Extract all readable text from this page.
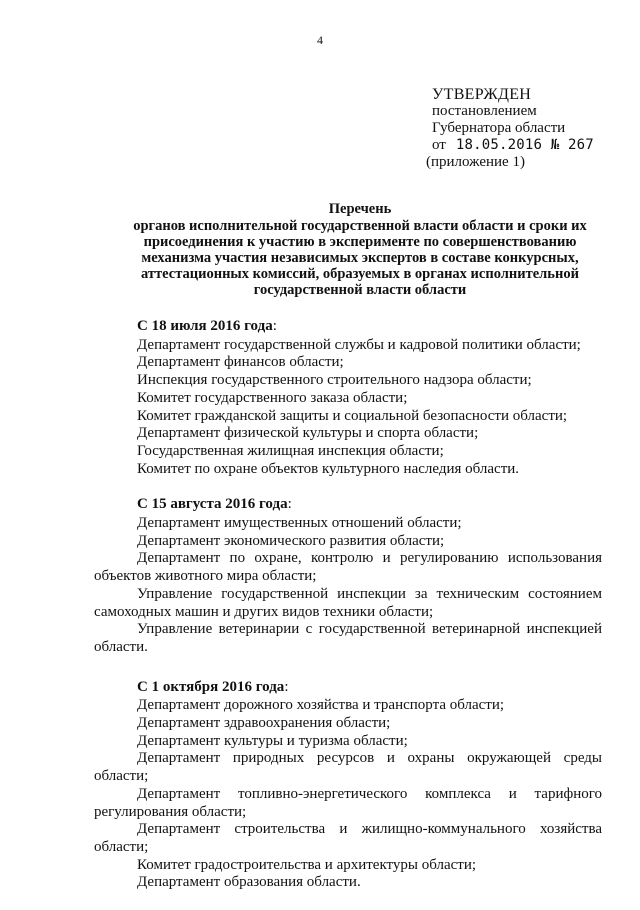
4
УТВЕРЖДЕН
постановлением
Губернатора области
от 18.05.2016 № 267
(приложение 1)
Перечень
органов исполнительной государственной власти области и сроки их
присоединения к участию в эксперименте по совершенствованию
механизма участия независимых экспертов в составе конкурсных,
аттестационных комиссий, образуемых в органах исполнительной
государственной власти области
С 18 июля 2016 года:
Департамент государственной службы и кадровой политики области;
Департамент финансов области;
Инспекция государственного строительного надзора области;
Комитет государственного заказа области;
Комитет гражданской защиты и социальной безопасности области;
Департамент физической культуры и спорта области;
Государственная жилищная инспекция области;
Комитет по охране объектов культурного наследия области.
С 15 августа 2016 года:
Департамент имущественных отношений области;
Департамент экономического развития области;
Департамент по охране, контролю и регулированию использования объектов животного мира области;
Управление государственной инспекции за техническим состоянием самоходных машин и других видов техники области;
Управление ветеринарии с государственной ветеринарной инспекцией области.
С 1 октября 2016 года:
Департамент дорожного хозяйства и транспорта области;
Департамент здравоохранения области;
Департамент культуры и туризма области;
Департамент природных ресурсов и охраны окружающей среды области;
Департамент топливно-энергетического комплекса и тарифного регулирования области;
Департамент строительства и жилищно-коммунального хозяйства области;
Комитет градостроительства и архитектуры области;
Департамент образования области.
